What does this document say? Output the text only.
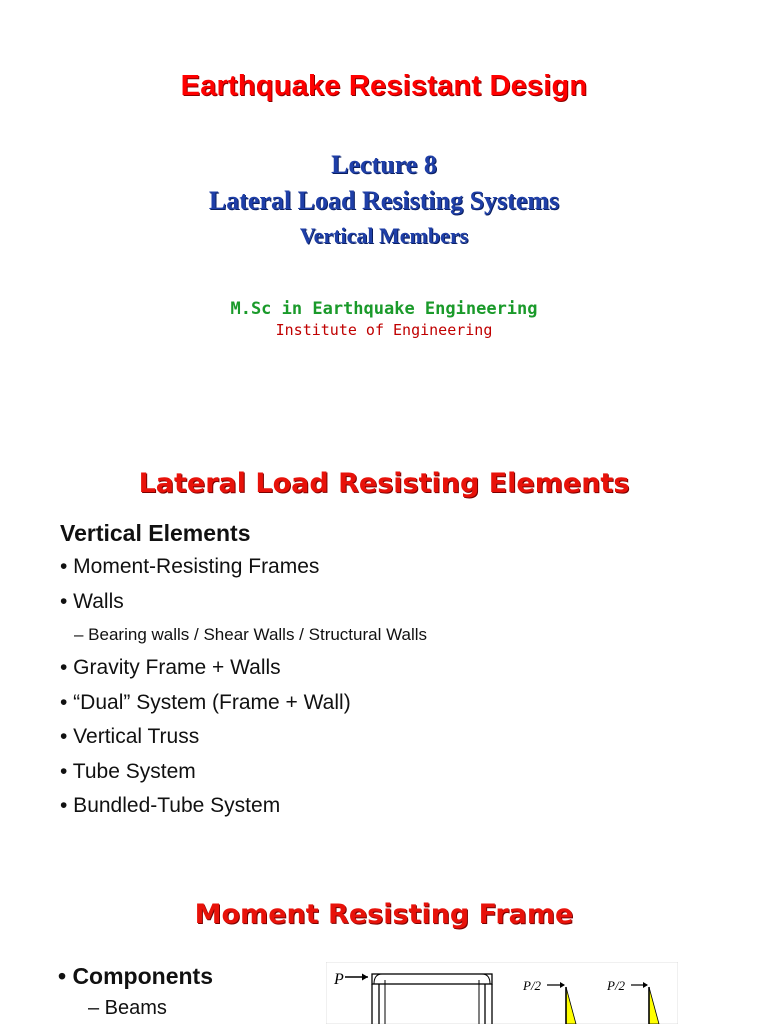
Earthquake Resistant Design
Lecture 8
Lateral Load Resisting Systems
Vertical Members
M.Sc in Earthquake Engineering
Institute of Engineering
Lateral Load Resisting Elements
Vertical Elements
• Moment-Resisting Frames
• Walls
– Bearing walls / Shear Walls / Structural Walls
• Gravity Frame + Walls
• “Dual” System (Frame + Wall)
• Vertical Truss
• Tube System
• Bundled-Tube System
Moment Resisting Frame
• Components
– Beams
P	P/2	P/2
